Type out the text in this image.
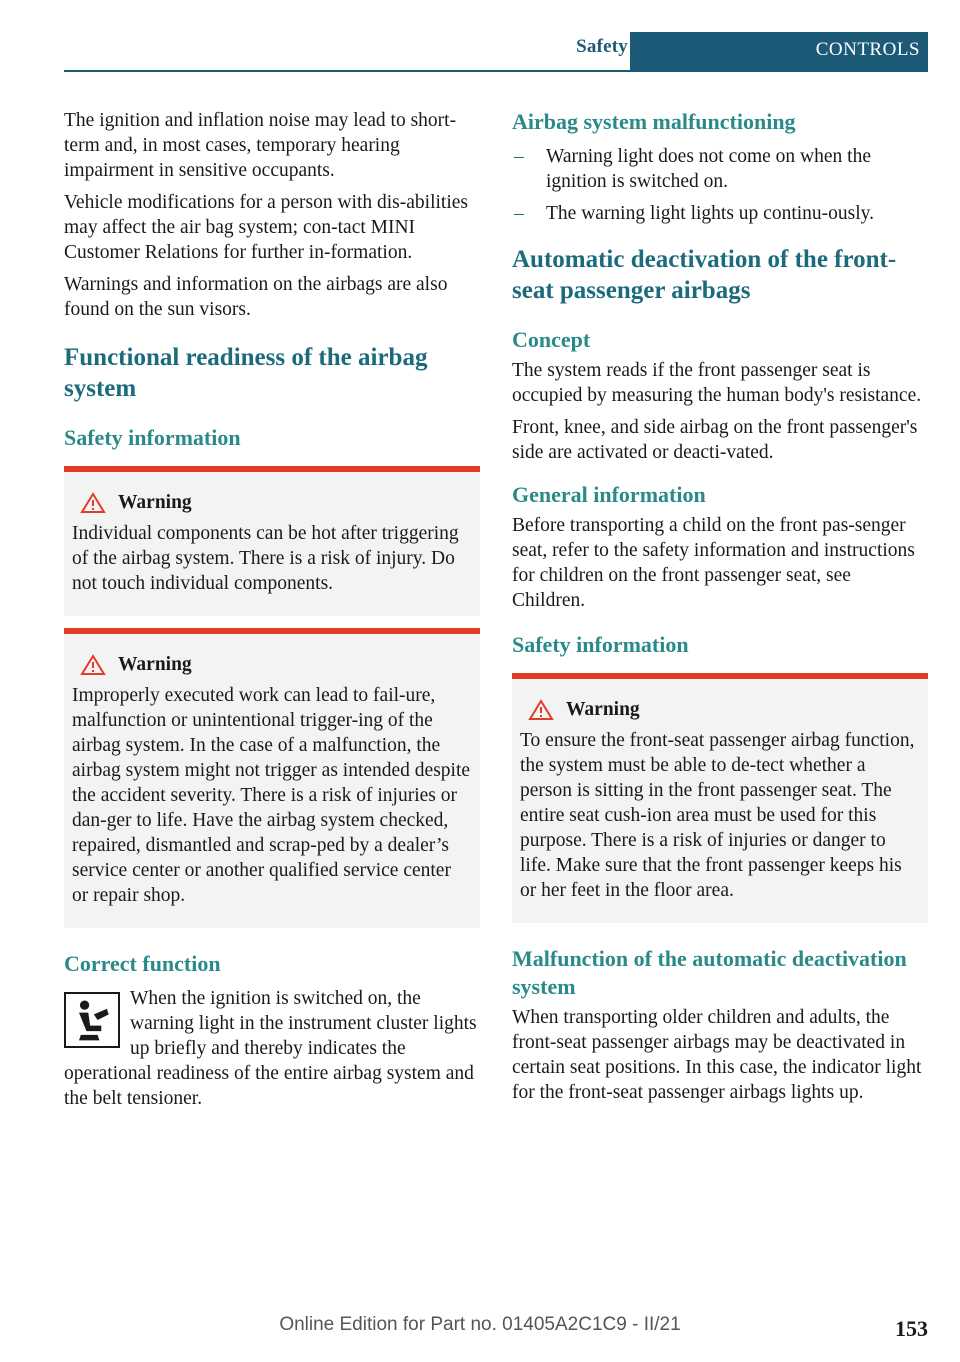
Safety	CONTROLS

The ignition and inflation noise may lead to short-term and, in most cases, temporary hearing impairment in sensitive occupants.

Vehicle modifications for a person with dis-abilities may affect the air bag system; con-tact MINI Customer Relations for further in-formation.

Warnings and information on the airbags are also found on the sun visors.

Functional readiness of the airbag system
Safety information
Warning
Individual components can be hot after triggering of the airbag system. There is a risk of injury. Do not touch individual components.
Warning
Improperly executed work can lead to fail-ure, malfunction or unintentional trigger-ing of the airbag system. In the case of a malfunction, the airbag system might not trigger as intended despite the accident severity. There is a risk of injuries or dan-ger to life. Have the airbag system checked, repaired, dismantled and scrap-ped by a dealer’s service center or another qualified service center or repair shop.
Correct function

When the ignition is switched on, the warning light in the instrument cluster lights up briefly and thereby indicates the operational readiness of the entire airbag system and the belt tensioner.

Airbag system malfunctioning
– Warning light does not come on when the ignition is switched on.
– The warning light lights up continu-ously.
Automatic deactivation of the front-seat passenger airbags
Concept

The system reads if the front passenger seat is occupied by measuring the human body's resistance.

Front, knee, and side airbag on the front passenger's side are activated or deacti-vated.

General information

Before transporting a child on the front pas-senger seat, refer to the safety information and instructions for children on the front passenger seat, see Children.

Safety information
Warning
To ensure the front-seat passenger airbag function, the system must be able to de-tect whether a person is sitting in the front passenger seat. The entire seat cush-ion area must be used for this purpose. There is a risk of injuries or danger to life. Make sure that the front passenger keeps his or her feet in the floor area.
Malfunction of the automatic deactivation system

When transporting older children and adults, the front-seat passenger airbags may be deactivated in certain seat positions. In this case, the indicator light for the front-seat passenger airbags lights up.

Online Edition for Part no. 01405A2C1C9 - II/21	153
